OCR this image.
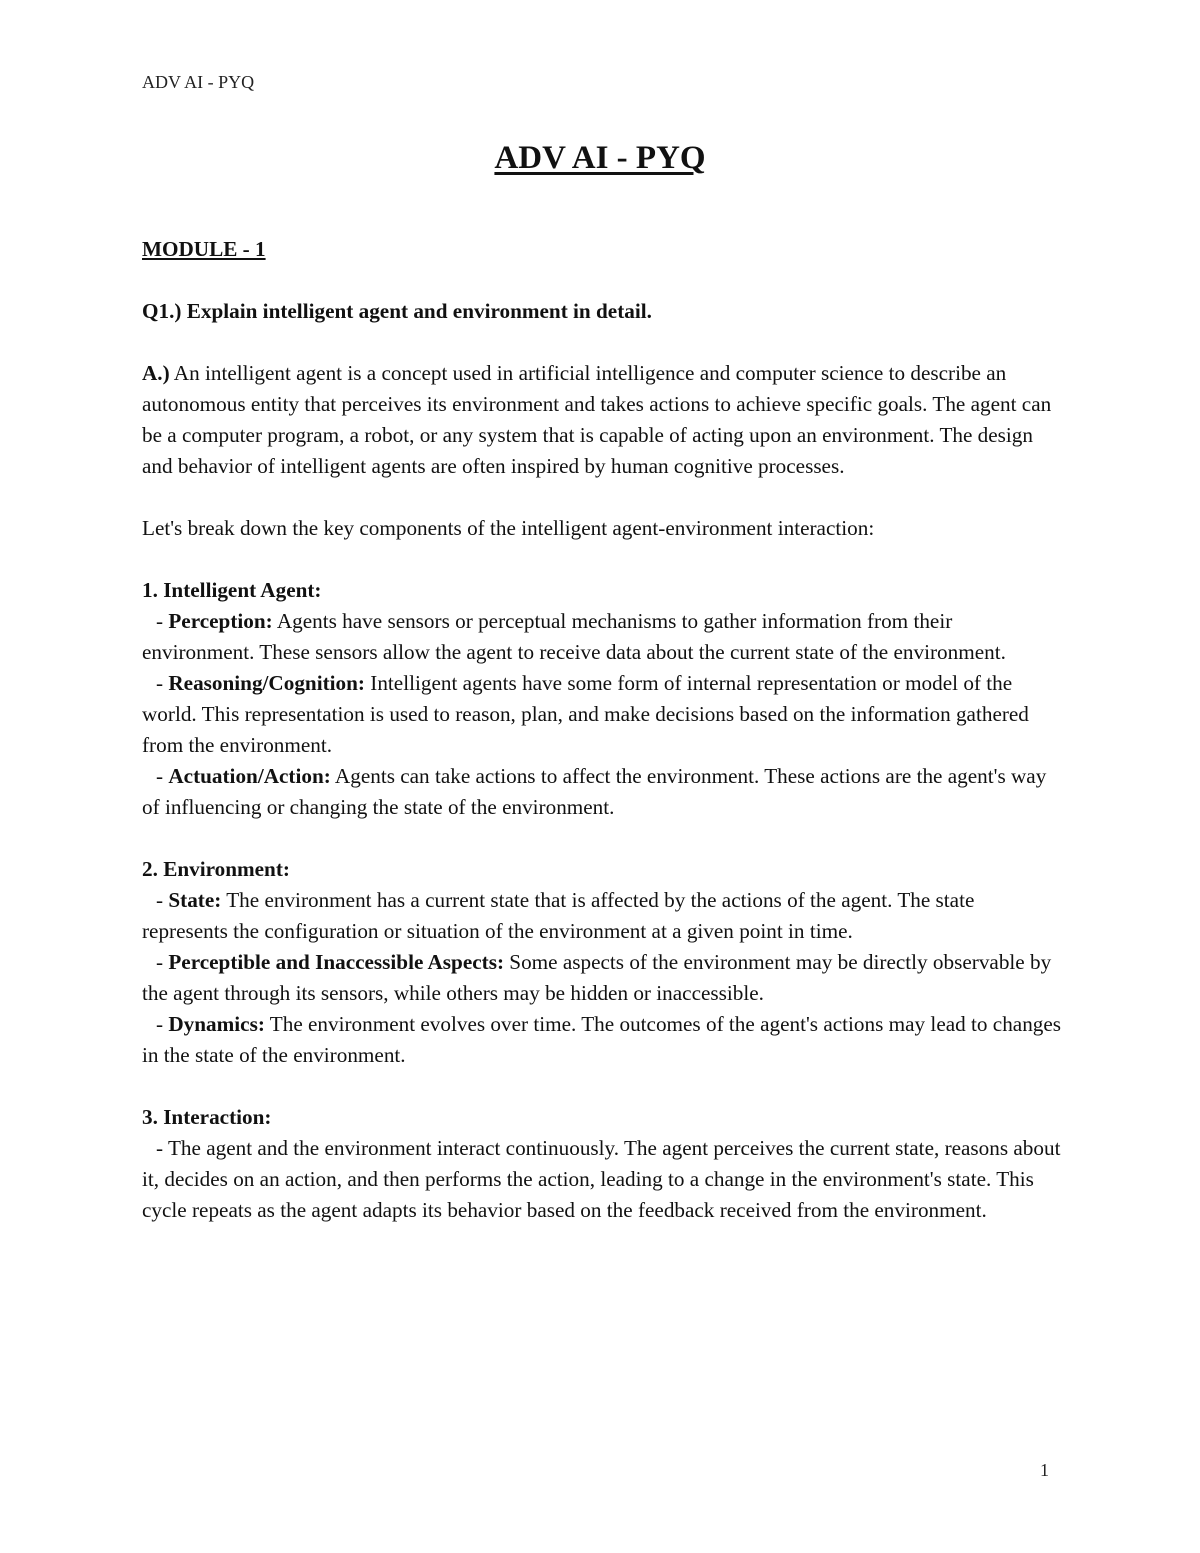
ADV AI - PYQ
ADV AI - PYQ

MODULE - 1

Q1.) Explain intelligent agent and environment in detail.

A.) An intelligent agent is a concept used in artificial intelligence and computer science to describe an autonomous entity that perceives its environment and takes actions to achieve specific goals. The agent can be a computer program, a robot, or any system that is capable of acting upon an environment. The design and behavior of intelligent agents are often inspired by human cognitive processes.

Let's break down the key components of the intelligent agent-environment interaction:

1. Intelligent Agent:

- Perception: Agents have sensors or perceptual mechanisms to gather information from their environment. These sensors allow the agent to receive data about the current state of the environment.

- Reasoning/Cognition: Intelligent agents have some form of internal representation or model of the world. This representation is used to reason, plan, and make decisions based on the information gathered from the environment.

- Actuation/Action: Agents can take actions to affect the environment. These actions are the agent's way of influencing or changing the state of the environment.

2. Environment:

- State: The environment has a current state that is affected by the actions of the agent. The state represents the configuration or situation of the environment at a given point in time.

- Perceptible and Inaccessible Aspects: Some aspects of the environment may be directly observable by the agent through its sensors, while others may be hidden or inaccessible.

- Dynamics: The environment evolves over time. The outcomes of the agent's actions may lead to changes in the state of the environment.

3. Interaction:

- The agent and the environment interact continuously. The agent perceives the current state, reasons about it, decides on an action, and then performs the action, leading to a change in the environment's state. This cycle repeats as the agent adapts its behavior based on the feedback received from the environment.

1
